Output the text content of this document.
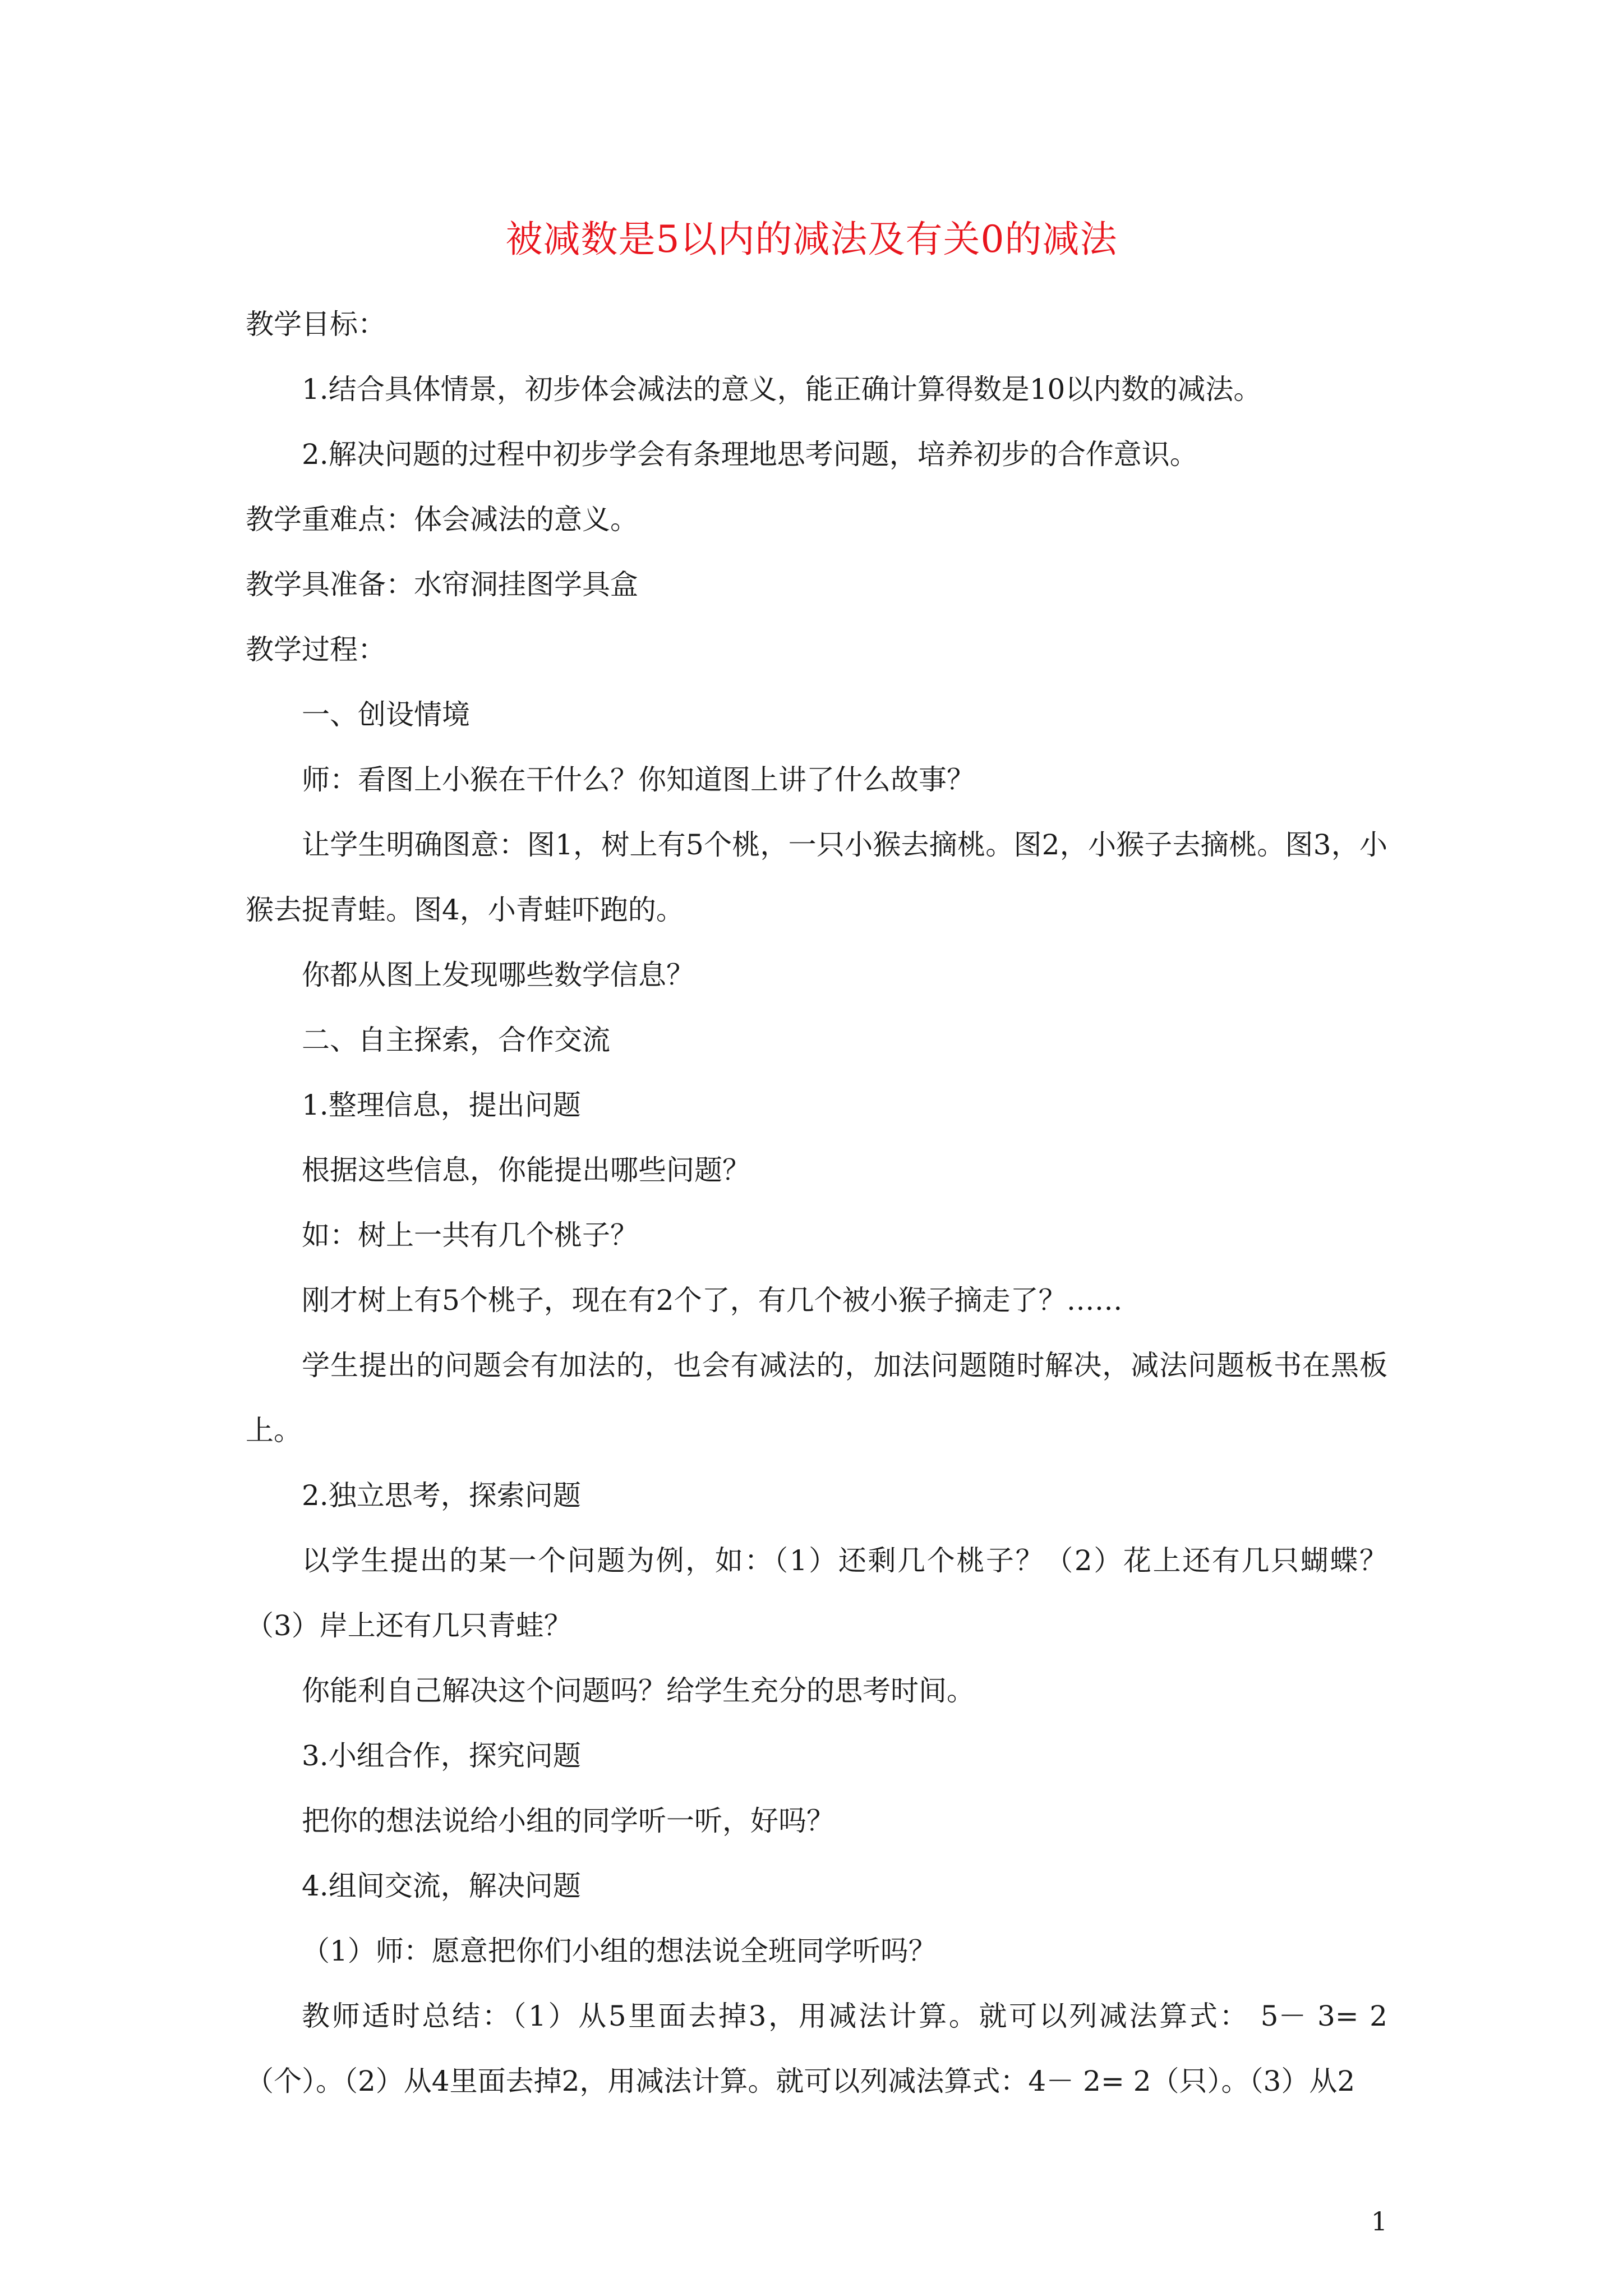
被减数是5以内的减法及有关0的减法

教学目标：

1.结合具体情景，初步体会减法的意义，能正确计算得数是10以内数的减法。

2.解决问题的过程中初步学会有条理地思考问题，培养初步的合作意识。

教学重难点：体会减法的意义。

教学具准备：水帘洞挂图学具盒

教学过程：

一、创设情境

师：看图上小猴在干什么？你知道图上讲了什么故事？

让学生明确图意：图1，树上有5个桃，一只小猴去摘桃。图2，小猴子去摘桃。图3，小猴去捉青蛙。图4，小青蛙吓跑的。

你都从图上发现哪些数学信息？

二、自主探索，合作交流

1.整理信息，提出问题

根据这些信息，你能提出哪些问题？

如：树上一共有几个桃子？

刚才树上有5个桃子，现在有2个了，有几个被小猴子摘走了？……

学生提出的问题会有加法的，也会有减法的，加法问题随时解决，减法问题板书在黑板上。

2.独立思考，探索问题

以学生提出的某一个问题为例，如：（1）还剩几个桃子？（2）花上还有几只蝴蝶？（3）岸上还有几只青蛙？

你能利自己解决这个问题吗？给学生充分的思考时间。

3.小组合作，探究问题

把你的想法说给小组的同学听一听，好吗？

4.组间交流，解决问题

（1）师：愿意把你们小组的想法说全班同学听吗？

教师适时总结：（1）从5里面去掉3，用减法计算。就可以列减法算式： 5－ 3= 2（个）。（2）从4里面去掉2，用减法计算。就可以列减法算式：4－ 2= 2（只）。（3）从2

1
